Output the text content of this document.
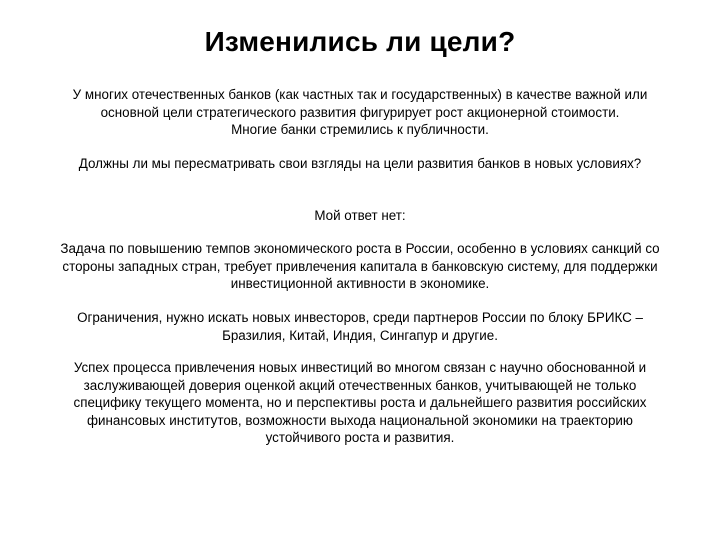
Изменились ли цели?
У многих отечественных банков (как частных так и государственных) в качестве важной или
основной цели стратегического развития фигурирует рост акционерной стоимости.
Многие банки стремились к публичности.
Должны ли мы пересматривать свои взгляды на цели развития банков в новых условиях?
Мой ответ нет:
Задача по повышению темпов экономического роста в России, особенно в условиях санкций со
стороны западных стран, требует привлечения капитала в банковскую систему, для поддержки
инвестиционной активности в экономике.
Ограничения, нужно искать новых инвесторов, среди партнеров России по блоку БРИКС –
Бразилия, Китай, Индия, Сингапур и другие.
Успех процесса привлечения новых инвестиций во многом связан с научно обоснованной и
заслуживающей доверия оценкой акций отечественных банков, учитывающей не только
специфику текущего момента, но и перспективы роста и дальнейшего развития российских
финансовых институтов, возможности выхода национальной экономики на траекторию
устойчивого роста и развития.
